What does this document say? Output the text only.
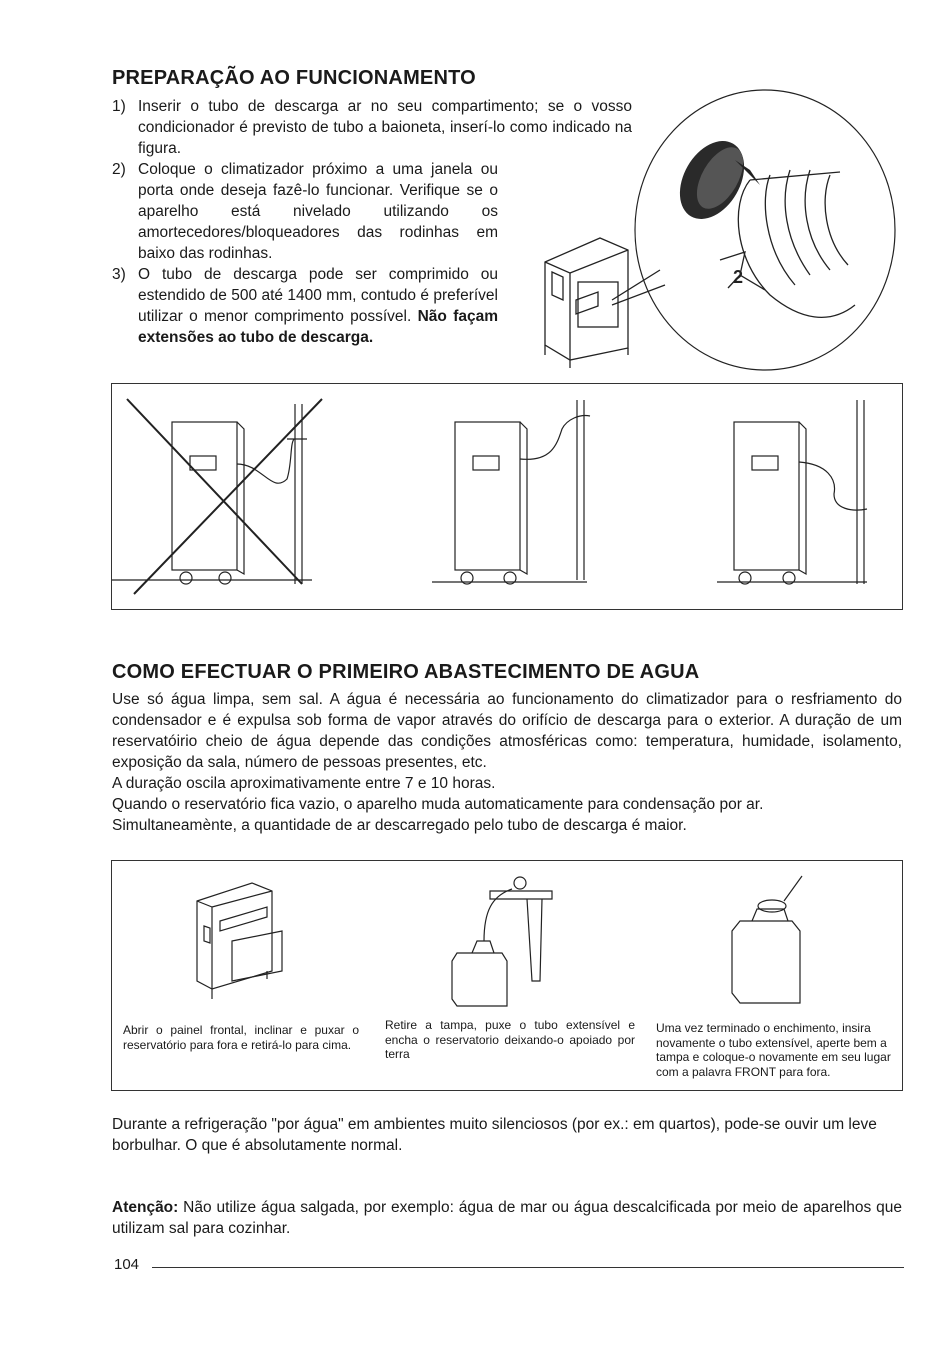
PREPARAÇÃO AO FUNCIONAMENTO
1) Inserir o tubo de descarga ar no seu compartimento; se o vosso condicionador é previsto de tubo a baioneta, inserí-lo como indicado na figura.
2) Coloque o climatizador próximo a uma janela ou porta onde deseja fazê-lo funcionar. Verifique se o aparelho está nivelado utilizando os amortecedores/bloqueadores das rodinhas em baixo das rodinhas.
3) O tubo de descarga pode ser comprimido ou estendido de 500 até 1400 mm, contudo é preferível utilizar o menor comprimento possível. Não façam extensões ao tubo de descarga.
2
COMO EFECTUAR O PRIMEIRO ABASTECIMENTO DE AGUA

Use só água limpa, sem sal. A água é necessária ao funcionamento do climatizador para o resfriamento do condensador e é expulsa sob forma de vapor através do orifício de descarga para o exterior. A duração de um reservatóirio cheio de água depende das condições atmosféricas como: temperatura, humidade, isolamento, exposição da sala, número de pessoas presentes, etc.

A duração oscila aproximativamente entre 7 e 10 horas.

Quando o reservatório fica vazio, o aparelho muda automaticamente para condensação por ar.

Simultaneamènte, a quantidade de ar descarregado pelo tubo de descarga é maior.

Abrir o painel frontal, inclinar e puxar o reservatório para fora e retirá-lo para cima.
Retire a tampa, puxe o tubo extensível e encha o reservatorio deixando-o apoiado por terra
Uma vez terminado o enchimento, insira novamente o tubo extensível, aperte bem a tampa e coloque-o novamente em seu lugar com a palavra FRONT para fora.

Durante a refrigeração "por água" em ambientes muito silenciosos (por ex.: em quartos), pode-se ouvir um leve borbulhar. O que é absolutamente normal.

Atenção: Não utilize água salgada, por exemplo: água de mar ou água descalcificada por meio de aparelhos que utilizam sal para cozinhar.

104
